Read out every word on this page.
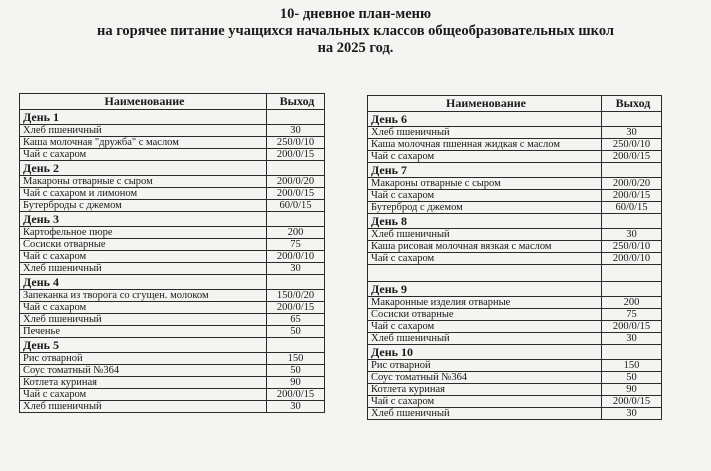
10- дневное план-меню
на горячее питание учащихся начальных классов общеобразовательных школ
на 2025 год.
Наименование	Выход
День 1	
Хлеб пшеничный	30
Каша молочная "дружба" с маслом	250/0/10
Чай с сахаром	200/0/15
День 2	
Макароны отварные с сыром	200/0/20
Чай с сахаром и лимоном	200/0/15
Бутерброды с джемом	60/0/15
День 3	
Картофельное пюре	200
Сосиски отварные	75
Чай с сахаром	200/0/10
Хлеб пшеничный	30
День 4	
Запеканка из творога со сгущен. молоком	150/0/20
Чай с сахаром	200/0/15
Хлеб пшеничный	65
Печенье	50
День 5	
Рис отварной	150
Соус томатный №364	50
Котлета куриная	90
Чай с сахаром	200/0/15
Хлеб пшеничный	30
Наименование	Выход
День 6	
Хлеб пшеничный	30
Каша молочная пшенная жидкая с маслом	250/0/10
Чай с сахаром	200/0/15
День 7	
Макароны отварные с сыром	200/0/20
Чай с сахаром	200/0/15
Бутерброд с джемом	60/0/15
День 8	
Хлеб пшеничный	30
Каша рисовая молочная вязкая с маслом	250/0/10
Чай с сахаром	200/0/10

День 9	
Макаронные изделия отварные	200
Сосиски отварные	75
Чай с сахаром	200/0/15
Хлеб пшеничный	30
День 10	
Рис отварной	150
Соус томатный №364	50
Котлета куриная	90
Чай с сахаром	200/0/15
Хлеб пшеничный	30
